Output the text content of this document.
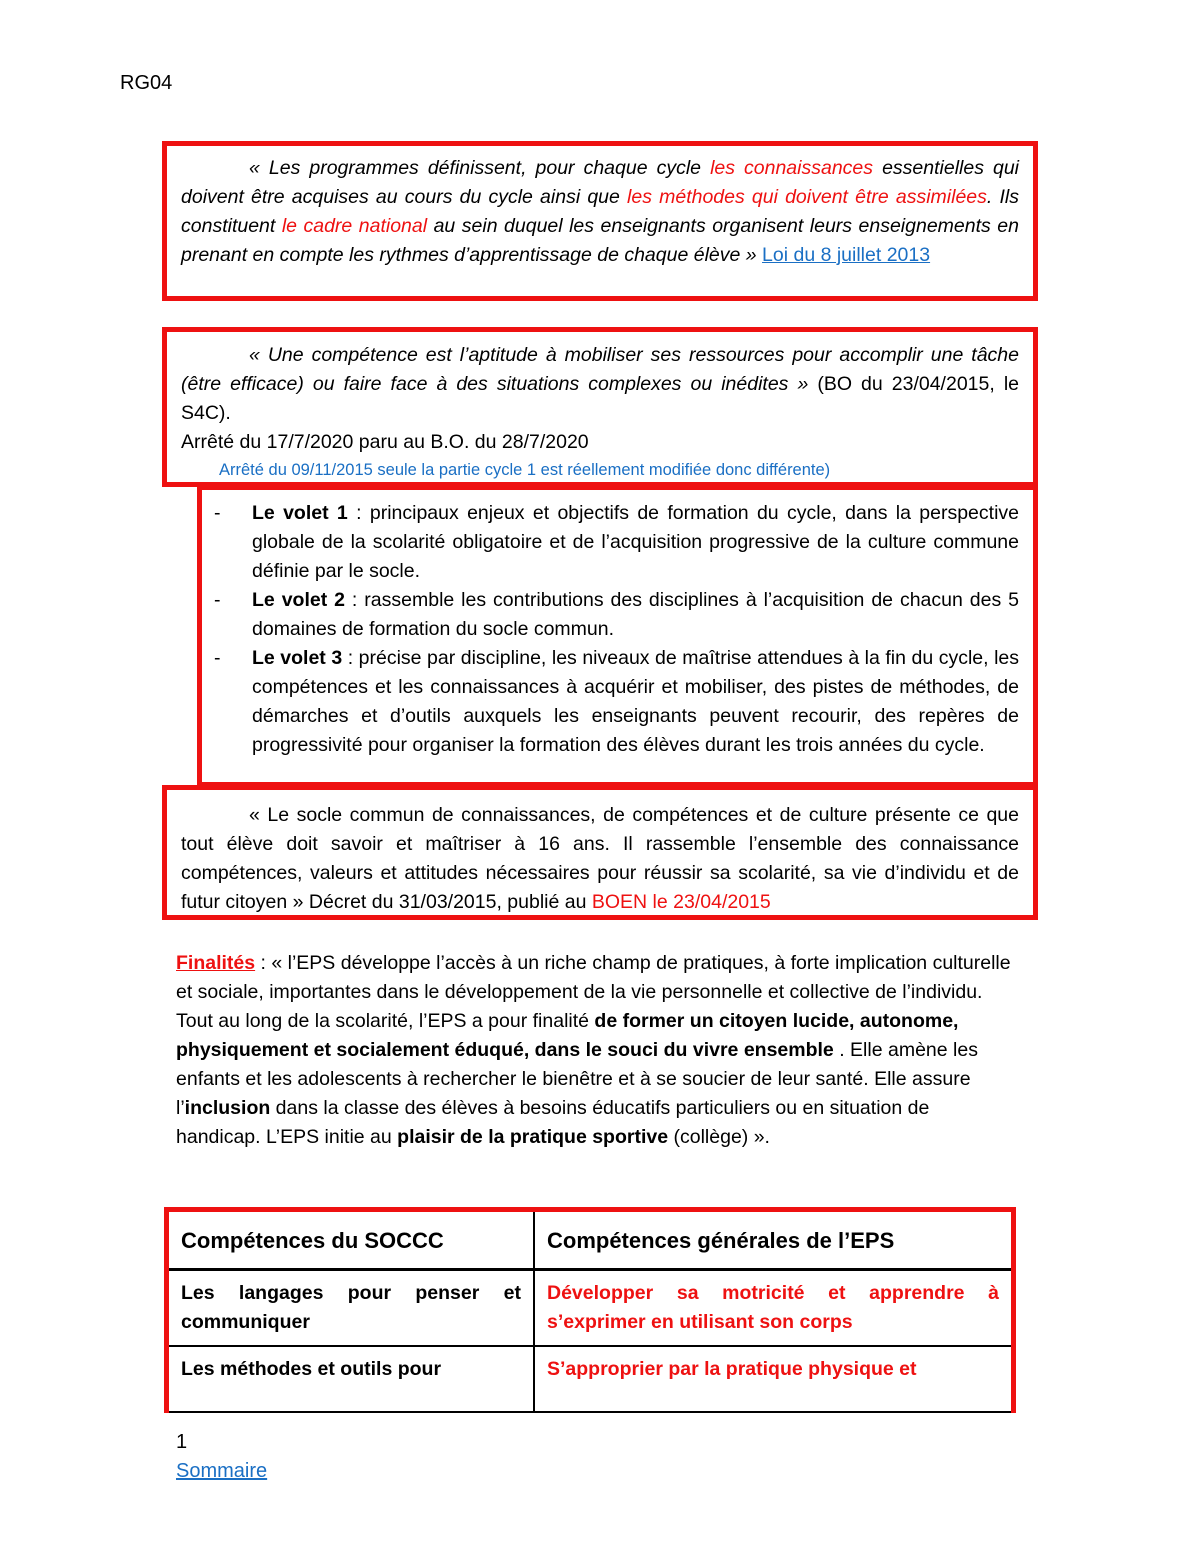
RG04
« Les programmes définissent, pour chaque cycle les connaissances essentielles qui doivent être acquises au cours du cycle ainsi que les méthodes qui doivent être assimilées. Ils constituent le cadre national au sein duquel les enseignants organisent leurs enseignements en prenant en compte les rythmes d’apprentissage de chaque élève » Loi du 8 juillet 2013
« Une compétence est l’aptitude à mobiliser ses ressources pour accomplir une tâche (être efficace) ou faire face à des situations complexes ou inédites » (BO du 23/04/2015, le S4C).
Arrêté du 17/7/2020 paru au B.O. du 28/7/2020
Arrêté du 09/11/2015 seule la partie cycle 1 est réellement modifiée donc différente)
- Le volet 1 : principaux enjeux et objectifs de formation du cycle, dans la perspective globale de la scolarité obligatoire et de l’acquisition progressive de la culture commune définie par le socle.
- Le volet 2 : rassemble les contributions des disciplines à l’acquisition de chacun des 5 domaines de formation du socle commun.
- Le volet 3 : précise par discipline, les niveaux de maîtrise attendues à la fin du cycle, les compétences et les connaissances à acquérir et mobiliser, des pistes de méthodes, de démarches et d’outils auxquels les enseignants peuvent recourir, des repères de progressivité pour organiser la formation des élèves durant les trois années du cycle.
« Le socle commun de connaissances, de compétences et de culture présente ce que tout élève doit savoir et maîtriser à 16 ans. Il rassemble l’ensemble des connaissance compétences, valeurs et attitudes nécessaires pour réussir sa scolarité, sa vie d’individu et de futur citoyen » Décret du 31/03/2015, publié au BOEN le 23/04/2015
Finalités : « l’EPS développe l’accès à un riche champ de pratiques, à forte implication culturelle et sociale, importantes dans le développement de la vie personnelle et collective de l’individu. Tout au long de la scolarité, l’EPS a pour finalité de former un citoyen lucide, autonome, physiquement et socialement éduqué, dans le souci du vivre ensemble . Elle amène les enfants et les adolescents à rechercher le bienêtre et à se soucier de leur santé. Elle assure l’inclusion dans la classe des élèves à besoins éducatifs particuliers ou en situation de handicap. L’EPS initie au plaisir de la pratique sportive (collège) ».
Compétences du SOCCC	Compétences générales de l’EPS
Les langages pour penser et communiquer	Développer sa motricité et apprendre à s’exprimer en utilisant son corps
Les méthodes et outils pour	S’approprier par la pratique physique et
1
Sommaire
